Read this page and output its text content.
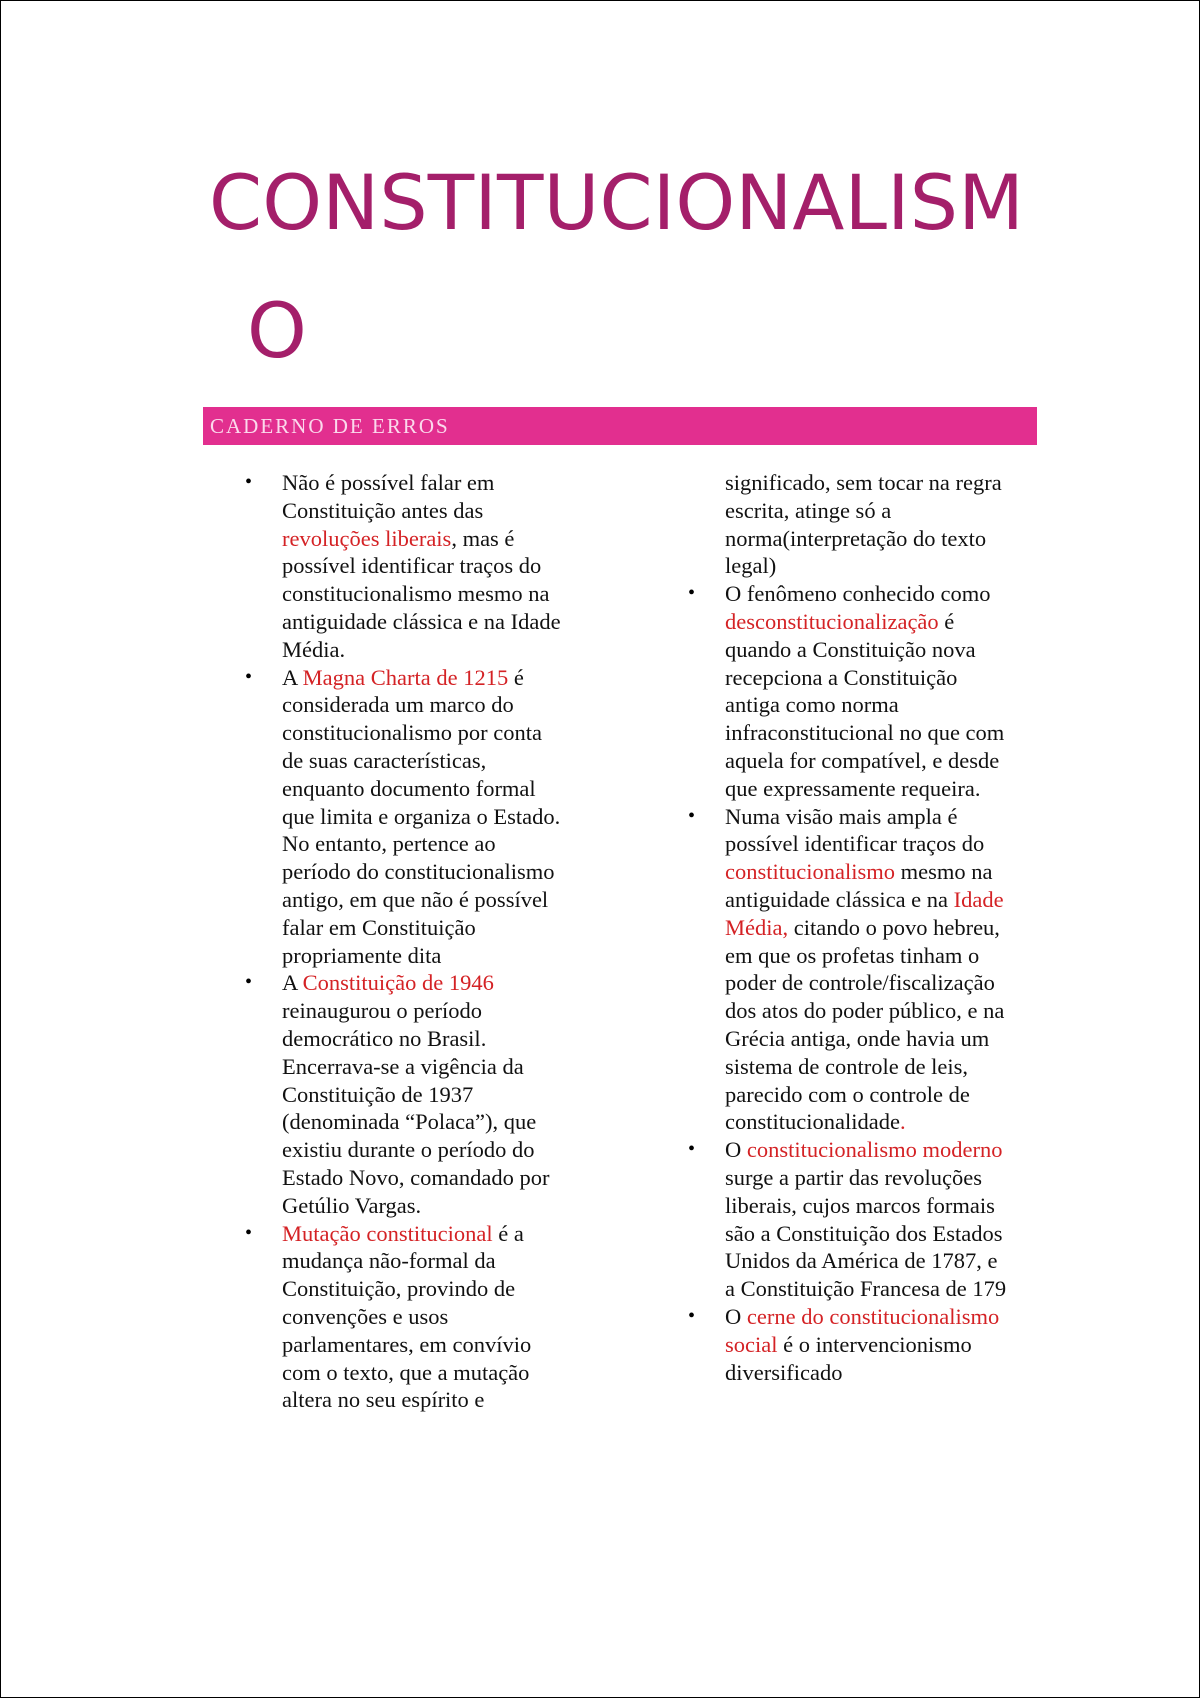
CONSTITUCIONALISM
O
CADERNO DE ERROS
• Não é possível falar em
Constituição antes das
revoluções liberais, mas é
possível identificar traços do
constitucionalismo mesmo na
antiguidade clássica e na Idade
Média.
• A Magna Charta de 1215 é
considerada um marco do
constitucionalismo por conta
de suas características,
enquanto documento formal
que limita e organiza o Estado.
No entanto, pertence ao
período do constitucionalismo
antigo, em que não é possível
falar em Constituição
propriamente dita
• A Constituição de 1946
reinaugurou o período
democrático no Brasil.
Encerrava-se a vigência da
Constituição de 1937
(denominada “Polaca”), que
existiu durante o período do
Estado Novo, comandado por
Getúlio Vargas.
• Mutação constitucional é a
mudança não-formal da
Constituição, provindo de
convenções e usos
parlamentares, em convívio
com o texto, que a mutação
altera no seu espírito e
significado, sem tocar na regra
escrita, atinge só a
norma(interpretação do texto
legal)
• O fenômeno conhecido como
desconstitucionalização é
quando a Constituição nova
recepciona a Constituição
antiga como norma
infraconstitucional no que com
aquela for compatível, e desde
que expressamente requeira.
• Numa visão mais ampla é
possível identificar traços do
constitucionalismo mesmo na
antiguidade clássica e na Idade
Média, citando o povo hebreu,
em que os profetas tinham o
poder de controle/fiscalização
dos atos do poder público, e na
Grécia antiga, onde havia um
sistema de controle de leis,
parecido com o controle de
constitucionalidade.
• O constitucionalismo moderno
surge a partir das revoluções
liberais, cujos marcos formais
são a Constituição dos Estados
Unidos da América de 1787, e
a Constituição Francesa de 179
• O cerne do constitucionalismo
social é o intervencionismo
diversificado
